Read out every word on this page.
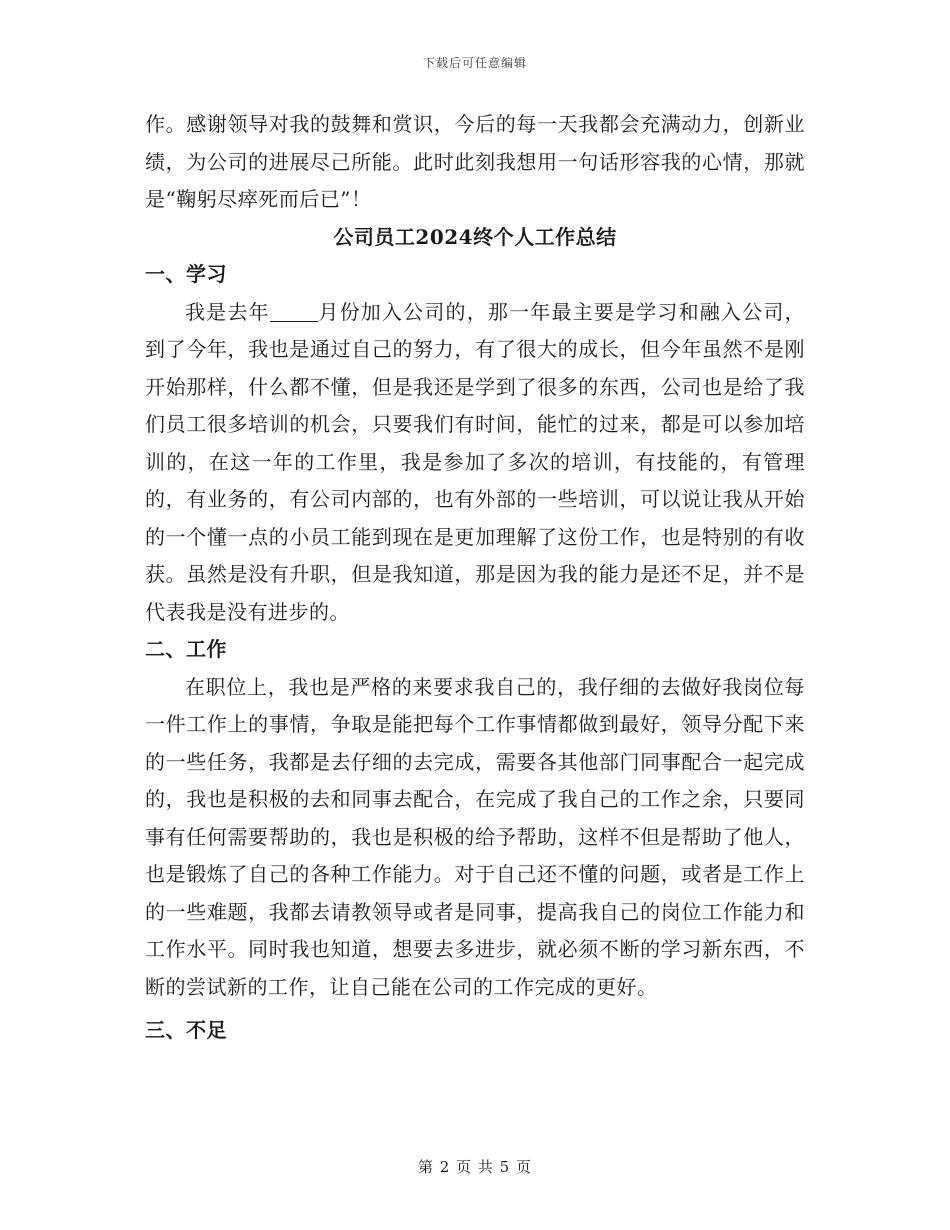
下载后可任意编辑

作。感谢领导对我的鼓舞和赏识，今后的每一天我都会充满动力，创新业绩，为公司的进展尽己所能。此时此刻我想用一句话形容我的心情，那就是“鞠躬尽瘁死而后已”！

公司员工2024终个人工作总结

一、学习

我是去年 月份加入公司的，那一年最主要是学习和融入公司，到了今年，我也是通过自己的努力，有了很大的成长，但今年虽然不是刚开始那样，什么都不懂，但是我还是学到了很多的东西，公司也是给了我们员工很多培训的机会，只要我们有时间，能忙的过来，都是可以参加培训的，在这一年的工作里，我是参加了多次的培训，有技能的，有管理的，有业务的，有公司内部的，也有外部的一些培训，可以说让我从开始的一个懂一点的小员工能到现在是更加理解了这份工作，也是特别的有收获。虽然是没有升职，但是我知道，那是因为我的能力是还不足，并不是代表我是没有进步的。

二、工作

在职位上，我也是严格的来要求我自己的，我仔细的去做好我岗位每一件工作上的事情，争取是能把每个工作事情都做到最好，领导分配下来的一些任务，我都是去仔细的去完成，需要各其他部门同事配合一起完成的，我也是积极的去和同事去配合，在完成了我自己的工作之余，只要同事有任何需要帮助的，我也是积极的给予帮助，这样不但是帮助了他人，也是锻炼了自己的各种工作能力。对于自己还不懂的问题，或者是工作上的一些难题，我都去请教领导或者是同事，提高我自己的岗位工作能力和工作水平。同时我也知道，想要去多进步，就必须不断的学习新东西，不断的尝试新的工作，让自己能在公司的工作完成的更好。

三、不足

第 2 页 共 5 页
